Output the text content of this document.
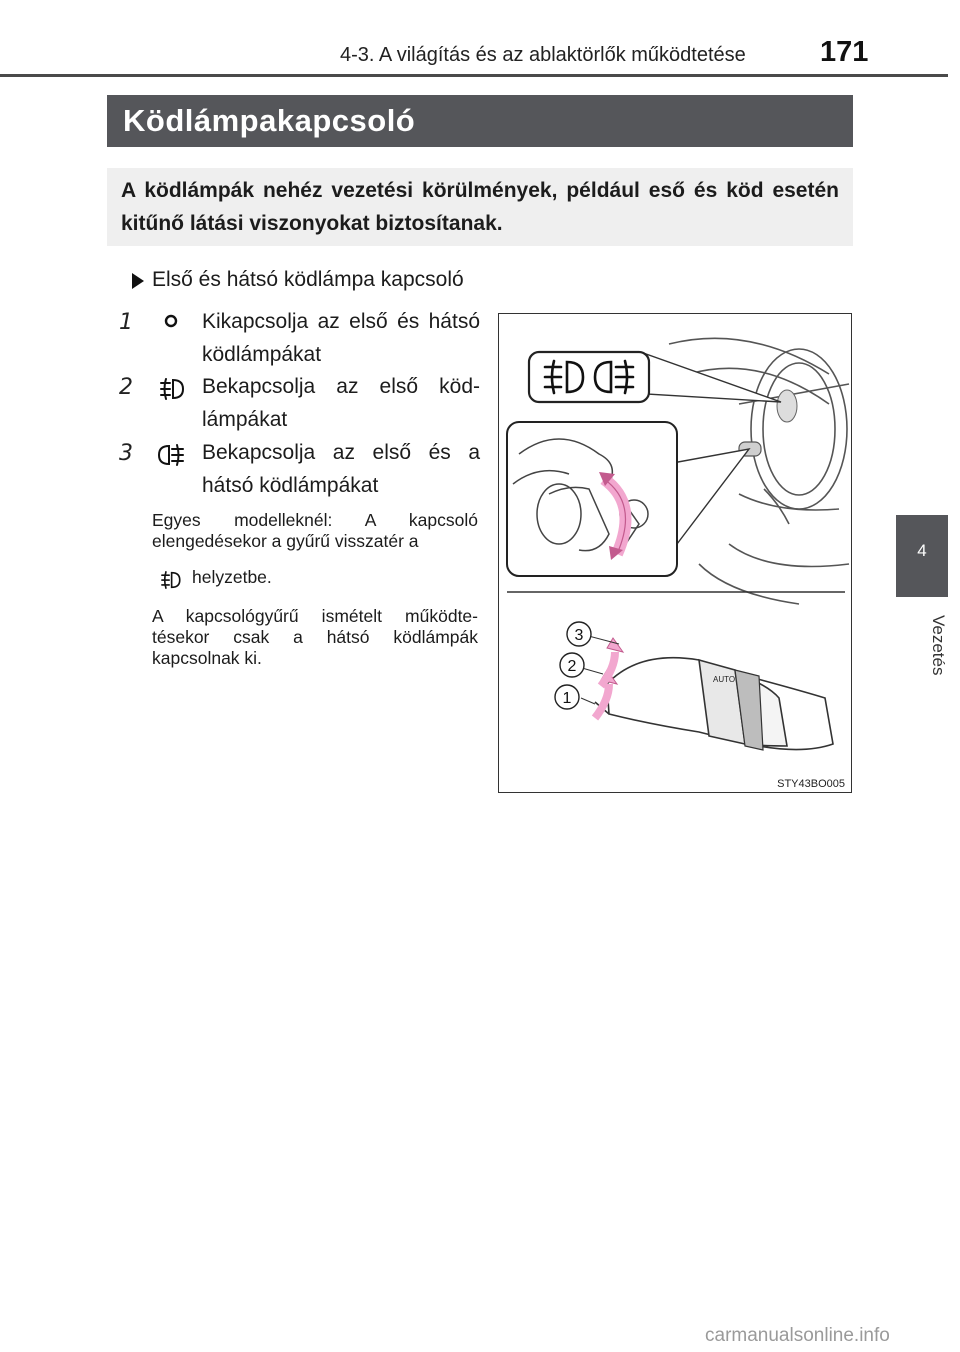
4-3. A világítás és az ablaktörlők működtetése	171
Ködlámpakapcsoló
A ködlámpák nehéz vezetési körülmények, például eső és köd esetén kitűnő látási viszonyokat biztosítanak.
Első és hátsó ködlámpa kapcsoló
1	Kikapcsolja az első és hátsó ködlámpákat
2	Bekapcsolja az első köd-lámpákat
3	Bekapcsolja az első és a hátsó ködlámpákat
Egyes modelleknél: A kapcsoló elengedésekor a gyűrű visszatér a
helyzetbe.
A kapcsológyűrű ismételt működte-tésekor csak a hátsó ködlámpák kapcsolnak ki.
AUTO
3
2
1
STY43BO005
4
Vezetés
carmanualsonline.info
